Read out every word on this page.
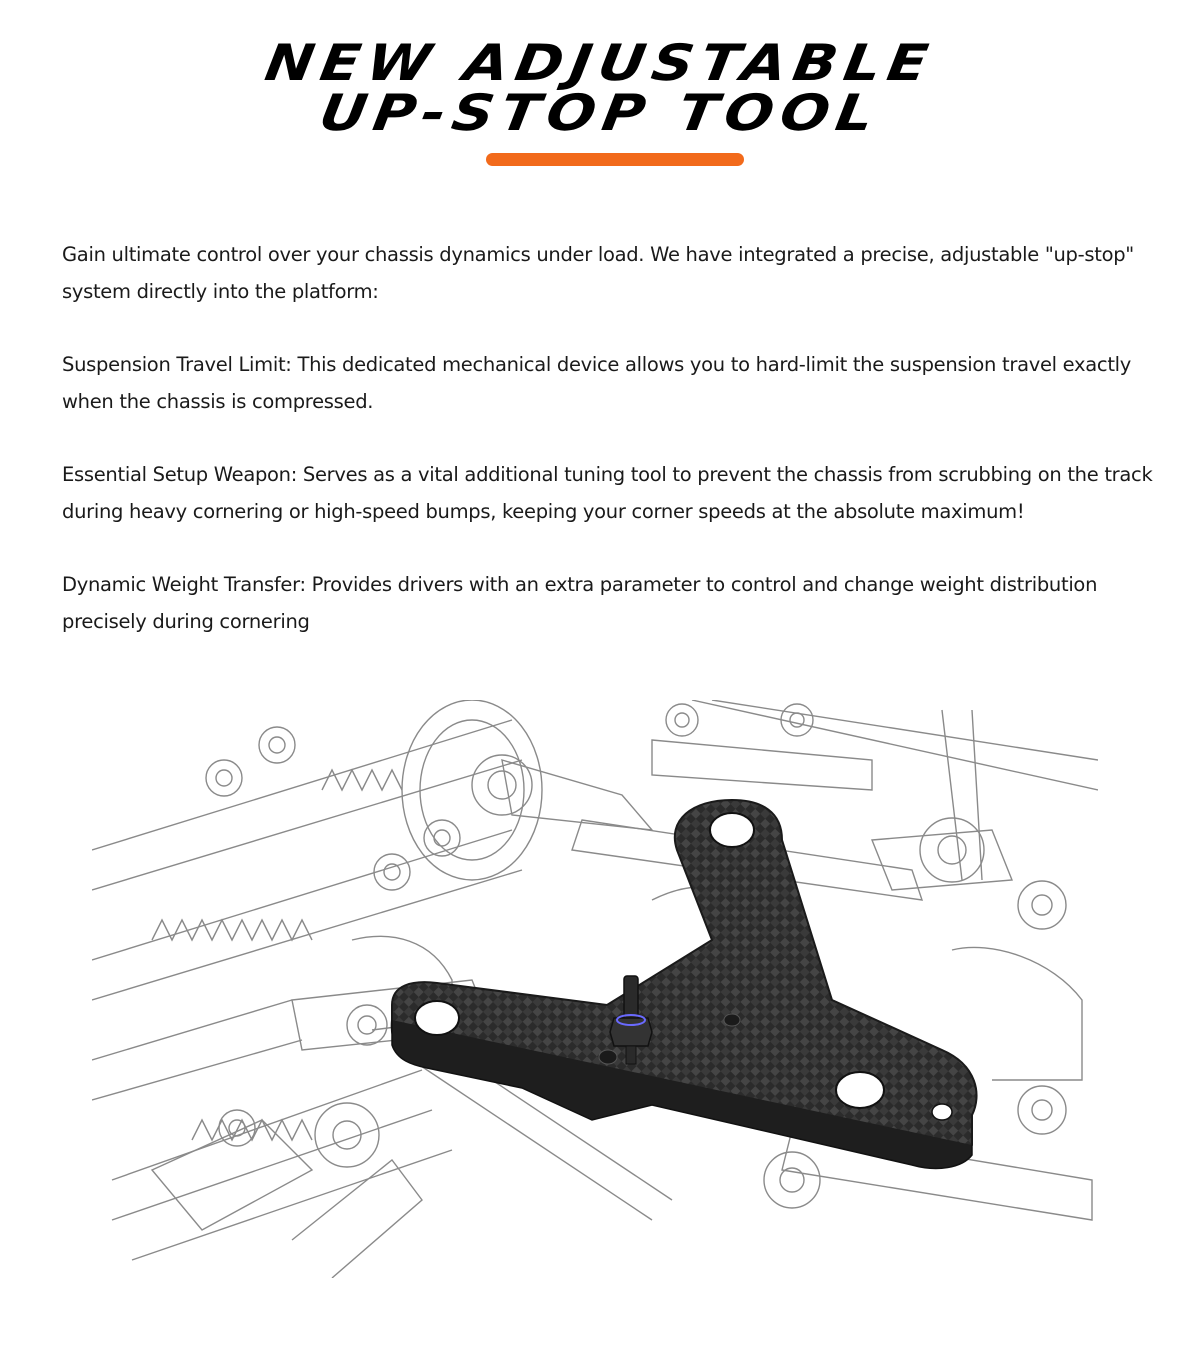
NEW ADJUSTABLE
UP-STOP TOOL

Gain ultimate control over your chassis dynamics under load. We have integrated a precise, adjustable "up-stop" system directly into the platform:

Suspension Travel Limit: This dedicated mechanical device allows you to hard-limit the suspension travel exactly when the chassis is compressed.

Essential Setup Weapon: Serves as a vital additional tuning tool to prevent the chassis from scrubbing on the track during heavy cornering or high-speed bumps, keeping your corner speeds at the absolute maximum!

Dynamic Weight Transfer: Provides drivers with an extra parameter to control and change weight distribution precisely during cornering
